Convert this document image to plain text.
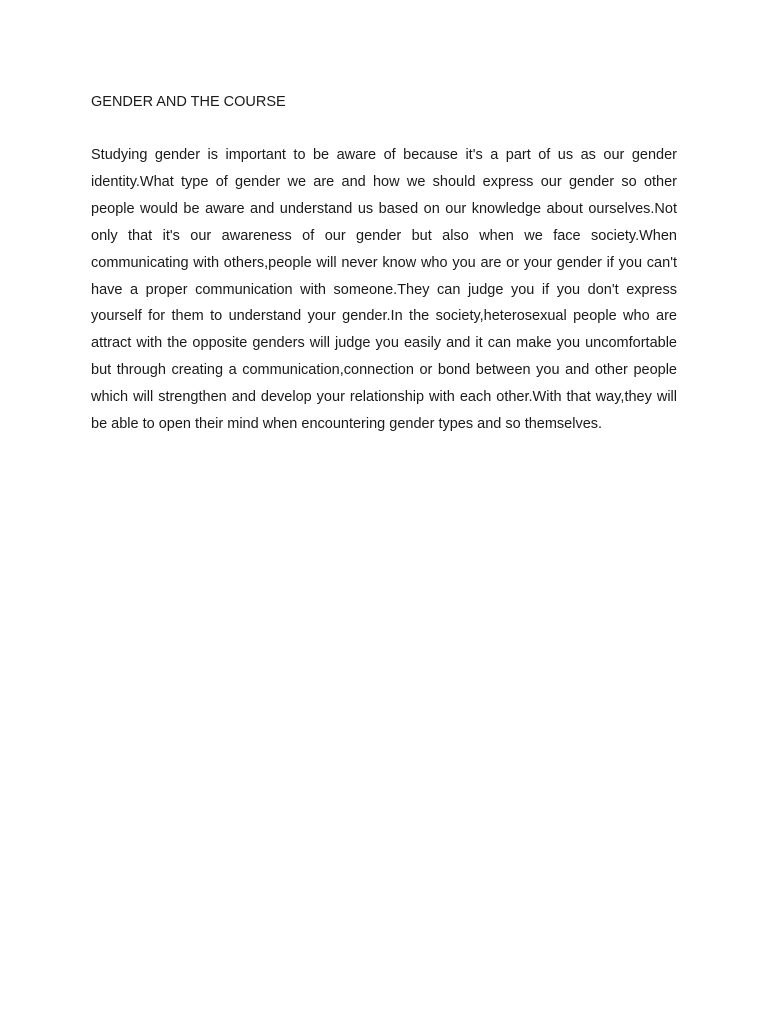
GENDER AND THE COURSE

Studying gender is important to be aware of because it's a part of us as our gender identity.What type of gender we are and how we should express our gender so other people would be aware and understand us based on our knowledge about ourselves.Not only that it's our awareness of our gender but also when we face society.When communicating with others,people will never know who you are or your gender if you can't have a proper communication with someone.They can judge you if you don't express yourself for them to understand your gender.In the society,heterosexual people who are attract with the opposite genders will judge you easily and it can make you uncomfortable but through creating a communication,connection or bond between you and other people which will strengthen and develop your relationship with each other.With that way,they will be able to open their mind when encountering gender types and so themselves.
